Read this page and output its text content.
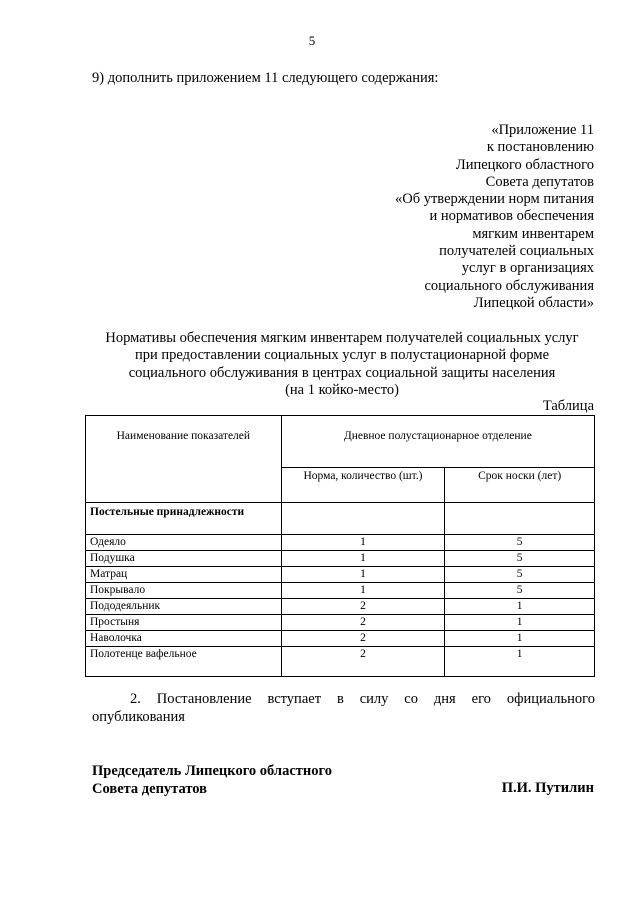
5
9) дополнить приложением 11 следующего содержания:
«Приложение 11
к постановлению
Липецкого областного
Совета депутатов
«Об утверждении норм питания
и нормативов обеспечения
мягким инвентарем
получателей социальных
услуг в организациях
социального обслуживания
Липецкой области»
Нормативы обеспечения мягким инвентарем получателей социальных услуг
при предоставлении социальных услуг в полустационарной форме
социального обслуживания в центрах социальной защиты населения
(на 1 койко-место)
Таблица
Наименование показателей	Дневное полустационарное отделение	
	Норма, количество (шт.)	Срок носки (лет)
Постельные принадлежности		
Одеяло	1	5
Подушка	1	5
Матрац	1	5
Покрывало	1	5
Пододеяльник	2	1
Простыня	2	1
Наволочка	2	1
Полотенце вафельное	2	1
2. Постановление вступает в силу со дня его официального
опубликования
Председатель Липецкого областного
Совета депутатов	П.И. Путилин
